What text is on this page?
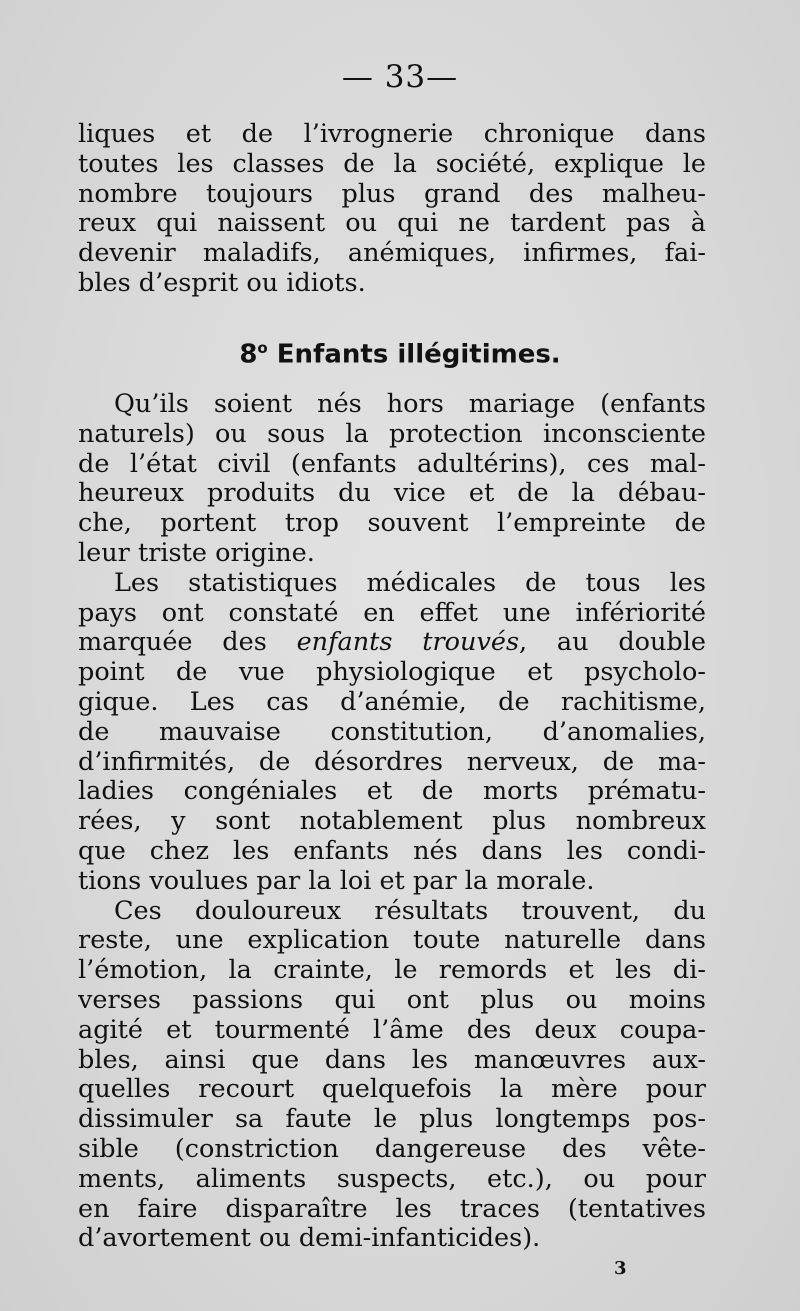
— 33—
liques et de l’ivrognerie chronique dans
toutes les classes de la société, explique le
nombre toujours plus grand des malheu-
reux qui naissent ou qui ne tardent pas à
devenir maladifs, anémiques, infirmes, fai-
bles d’esprit ou idiots.
8$^o$ Enfants illégitimes.
Qu’ils soient nés hors mariage (enfants
naturels) ou sous la protection inconsciente
de l’état civil (enfants adultérins), ces mal-
heureux produits du vice et de la débau-
che, portent trop souvent l’empreinte de
leur triste origine.
Les statistiques médicales de tous les
pays ont constaté en effet une infériorité
marquée des enfants trouvés, au double
point de vue physiologique et psycholo-
gique. Les cas d’anémie, de rachitisme,
de mauvaise constitution, d’anomalies,
d’infirmités, de désordres nerveux, de ma-
ladies congéniales et de morts prématu-
rées, y sont notablement plus nombreux
que chez les enfants nés dans les condi-
tions voulues par la loi et par la morale.
Ces douloureux résultats trouvent, du
reste, une explication toute naturelle dans
l’émotion, la crainte, le remords et les di-
verses passions qui ont plus ou moins
agité et tourmenté l’âme des deux coupa-
bles, ainsi que dans les manœuvres aux-
quelles recourt quelquefois la mère pour
dissimuler sa faute le plus longtemps pos-
sible (constriction dangereuse des vête-
ments, aliments suspects, etc.), ou pour
en faire disparaître les traces (tentatives
d’avortement ou demi-infanticides).
3
